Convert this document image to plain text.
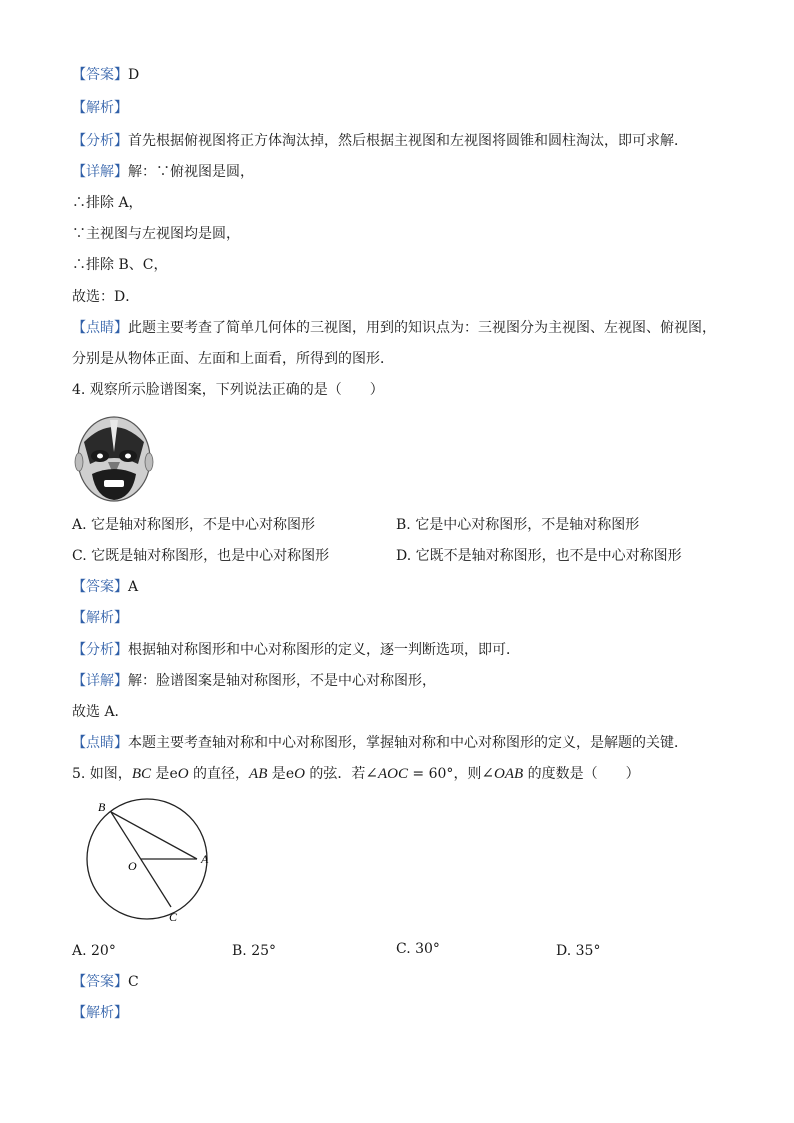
【答案】D
【解析】
【分析】首先根据俯视图将正方体淘汰掉，然后根据主视图和左视图将圆锥和圆柱淘汰，即可求解．
【详解】解：∵俯视图是圆，
∴排除 A，
∵主视图与左视图均是圆，
∴排除 B、C，
故选：D．
【点睛】此题主要考查了简单几何体的三视图，用到的知识点为：三视图分为主视图、左视图、俯视图，
分别是从物体正面、左面和上面看，所得到的图形．
4. 观察所示脸谱图案，下列说法正确的是（　　）
A. 它是轴对称图形，不是中心对称图形	B. 它是中心对称图形，不是轴对称图形
C. 它既是轴对称图形，也是中心对称图形	D. 它既不是轴对称图形，也不是中心对称图形
【答案】A
【解析】
【分析】根据轴对称图形和中心对称图形的定义，逐一判断选项，即可．
【详解】解：脸谱图案是轴对称图形，不是中心对称图形，
故选 A．
【点睛】本题主要考查轴对称和中心对称图形，掌握轴对称和中心对称图形的定义，是解题的关键．
5. 如图，BC 是eO 的直径，AB 是eO 的弦．若∠AOC = 60°，则∠OAB 的度数是（　　）
B
A
O
C
A. 20°	B. 25°	C. 30°	D. 35°
【答案】C
【解析】
